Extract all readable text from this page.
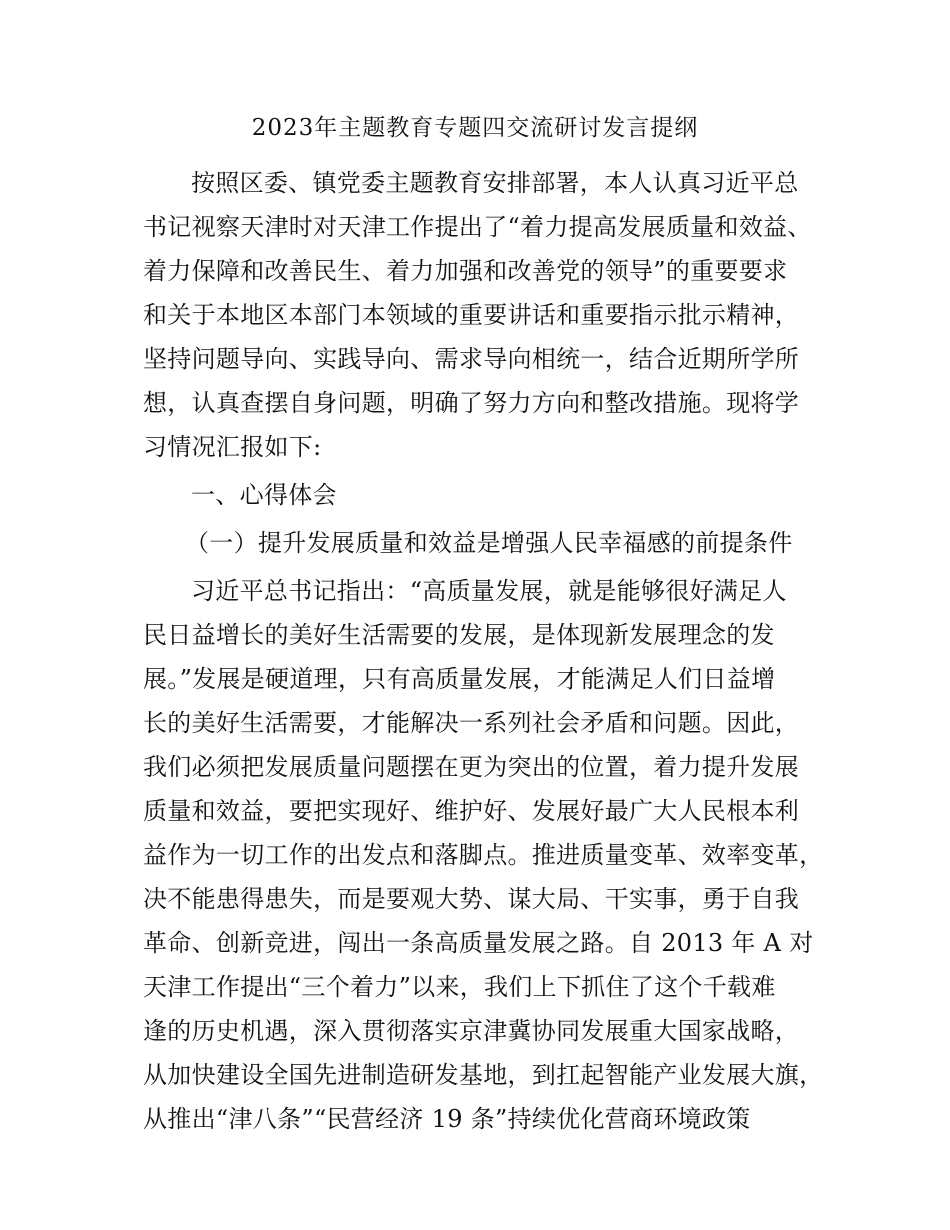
2023年主题教育专题四交流研讨发言提纲
按照区委、镇党委主题教育安排部署，本人认真习近平总
书记视察天津时对天津工作提出了“着力提高发展质量和效益、
着力保障和改善民生、着力加强和改善党的领导”的重要要求
和关于本地区本部门本领域的重要讲话和重要指示批示精神，
坚持问题导向、实践导向、需求导向相统一，结合近期所学所
想，认真查摆自身问题，明确了努力方向和整改措施。现将学
习情况汇报如下:
一、心得体会
（一）提升发展质量和效益是增强人民幸福感的前提条件
习近平总书记指出：“高质量发展，就是能够很好满足人
民日益增长的美好生活需要的发展，是体现新发展理念的发
展。”发展是硬道理，只有高质量发展，才能满足人们日益增
长的美好生活需要，才能解决一系列社会矛盾和问题。因此，
我们必须把发展质量问题摆在更为突出的位置，着力提升发展
质量和效益，要把实现好、维护好、发展好最广大人民根本利
益作为一切工作的出发点和落脚点。推进质量变革、效率变革，
决不能患得患失，而是要观大势、谋大局、干实事，勇于自我
革命、创新竞进，闯出一条高质量发展之路。自 2013 年 A 对
天津工作提出“三个着力”以来，我们上下抓住了这个千载难
逢的历史机遇，深入贯彻落实京津冀协同发展重大国家战略，
从加快建设全国先进制造研发基地，到扛起智能产业发展大旗，
从推出“津八条”“民营经济 19 条”持续优化营商环境政策
